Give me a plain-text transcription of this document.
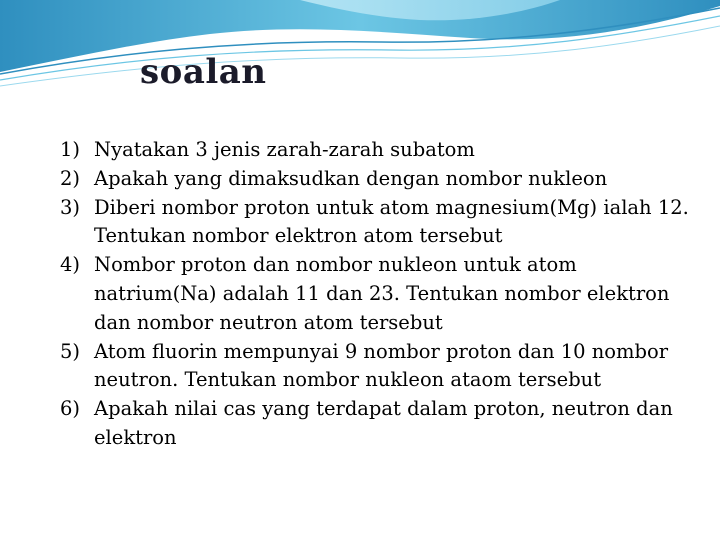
soalan
1) Nyatakan 3 jenis zarah-zarah subatom
2) Apakah yang dimaksudkan dengan nombor nukleon
3) Diberi nombor proton untuk atom magnesium(Mg) ialah 12. Tentukan nombor elektron atom tersebut
4) Nombor proton dan nombor nukleon untuk atom natrium(Na) adalah 11 dan 23. Tentukan nombor elektron dan nombor neutron atom tersebut
5) Atom fluorin mempunyai 9 nombor proton dan 10 nombor neutron. Tentukan nombor nukleon ataom tersebut
6) Apakah nilai cas yang terdapat dalam proton, neutron dan elektron
